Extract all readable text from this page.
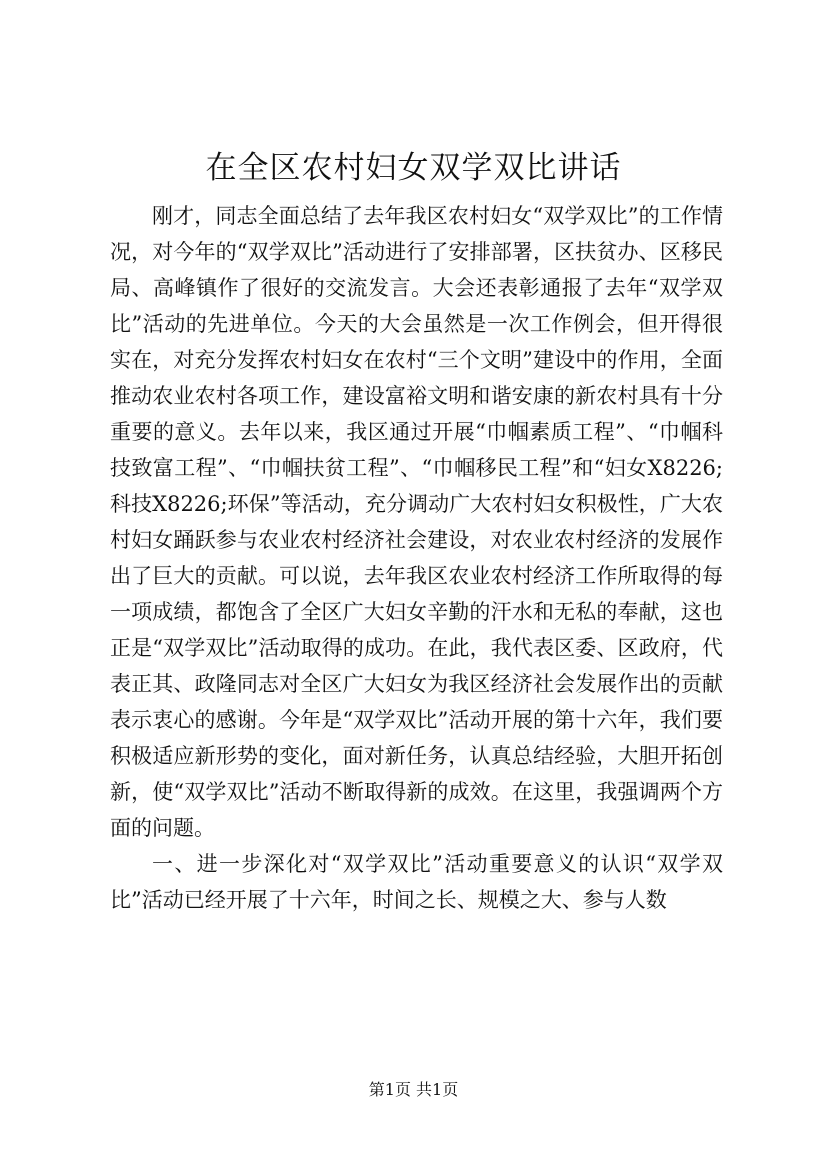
在全区农村妇女双学双比讲话

刚才，同志全面总结了去年我区农村妇女“双学双比”的工作情况，对今年的“双学双比”活动进行了安排部署，区扶贫办、区移民局、高峰镇作了很好的交流发言。大会还表彰通报了去年“双学双比”活动的先进单位。今天的大会虽然是一次工作例会，但开得很实在，对充分发挥农村妇女在农村“三个文明”建设中的作用，全面推动农业农村各项工作，建设富裕文明和谐安康的新农村具有十分重要的意义。去年以来，我区通过开展“巾帼素质工程”、“巾帼科技致富工程”、“巾帼扶贫工程”、“巾帼移民工程”和“妇女X8226;科技X8226;环保”等活动，充分调动广大农村妇女积极性，广大农村妇女踊跃参与农业农村经济社会建设，对农业农村经济的发展作出了巨大的贡献。可以说，去年我区农业农村经济工作所取得的每一项成绩，都饱含了全区广大妇女辛勤的汗水和无私的奉献，这也正是“双学双比”活动取得的成功。在此，我代表区委、区政府，代表正其、政隆同志对全区广大妇女为我区经济社会发展作出的贡献表示衷心的感谢。今年是“双学双比”活动开展的第十六年，我们要积极适应新形势的变化，面对新任务，认真总结经验，大胆开拓创新，使“双学双比”活动不断取得新的成效。在这里，我强调两个方面的问题。

一、进一步深化对“双学双比”活动重要意义的认识“双学双比”活动已经开展了十六年，时间之长、规模之大、参与人数

第1页 共1页
